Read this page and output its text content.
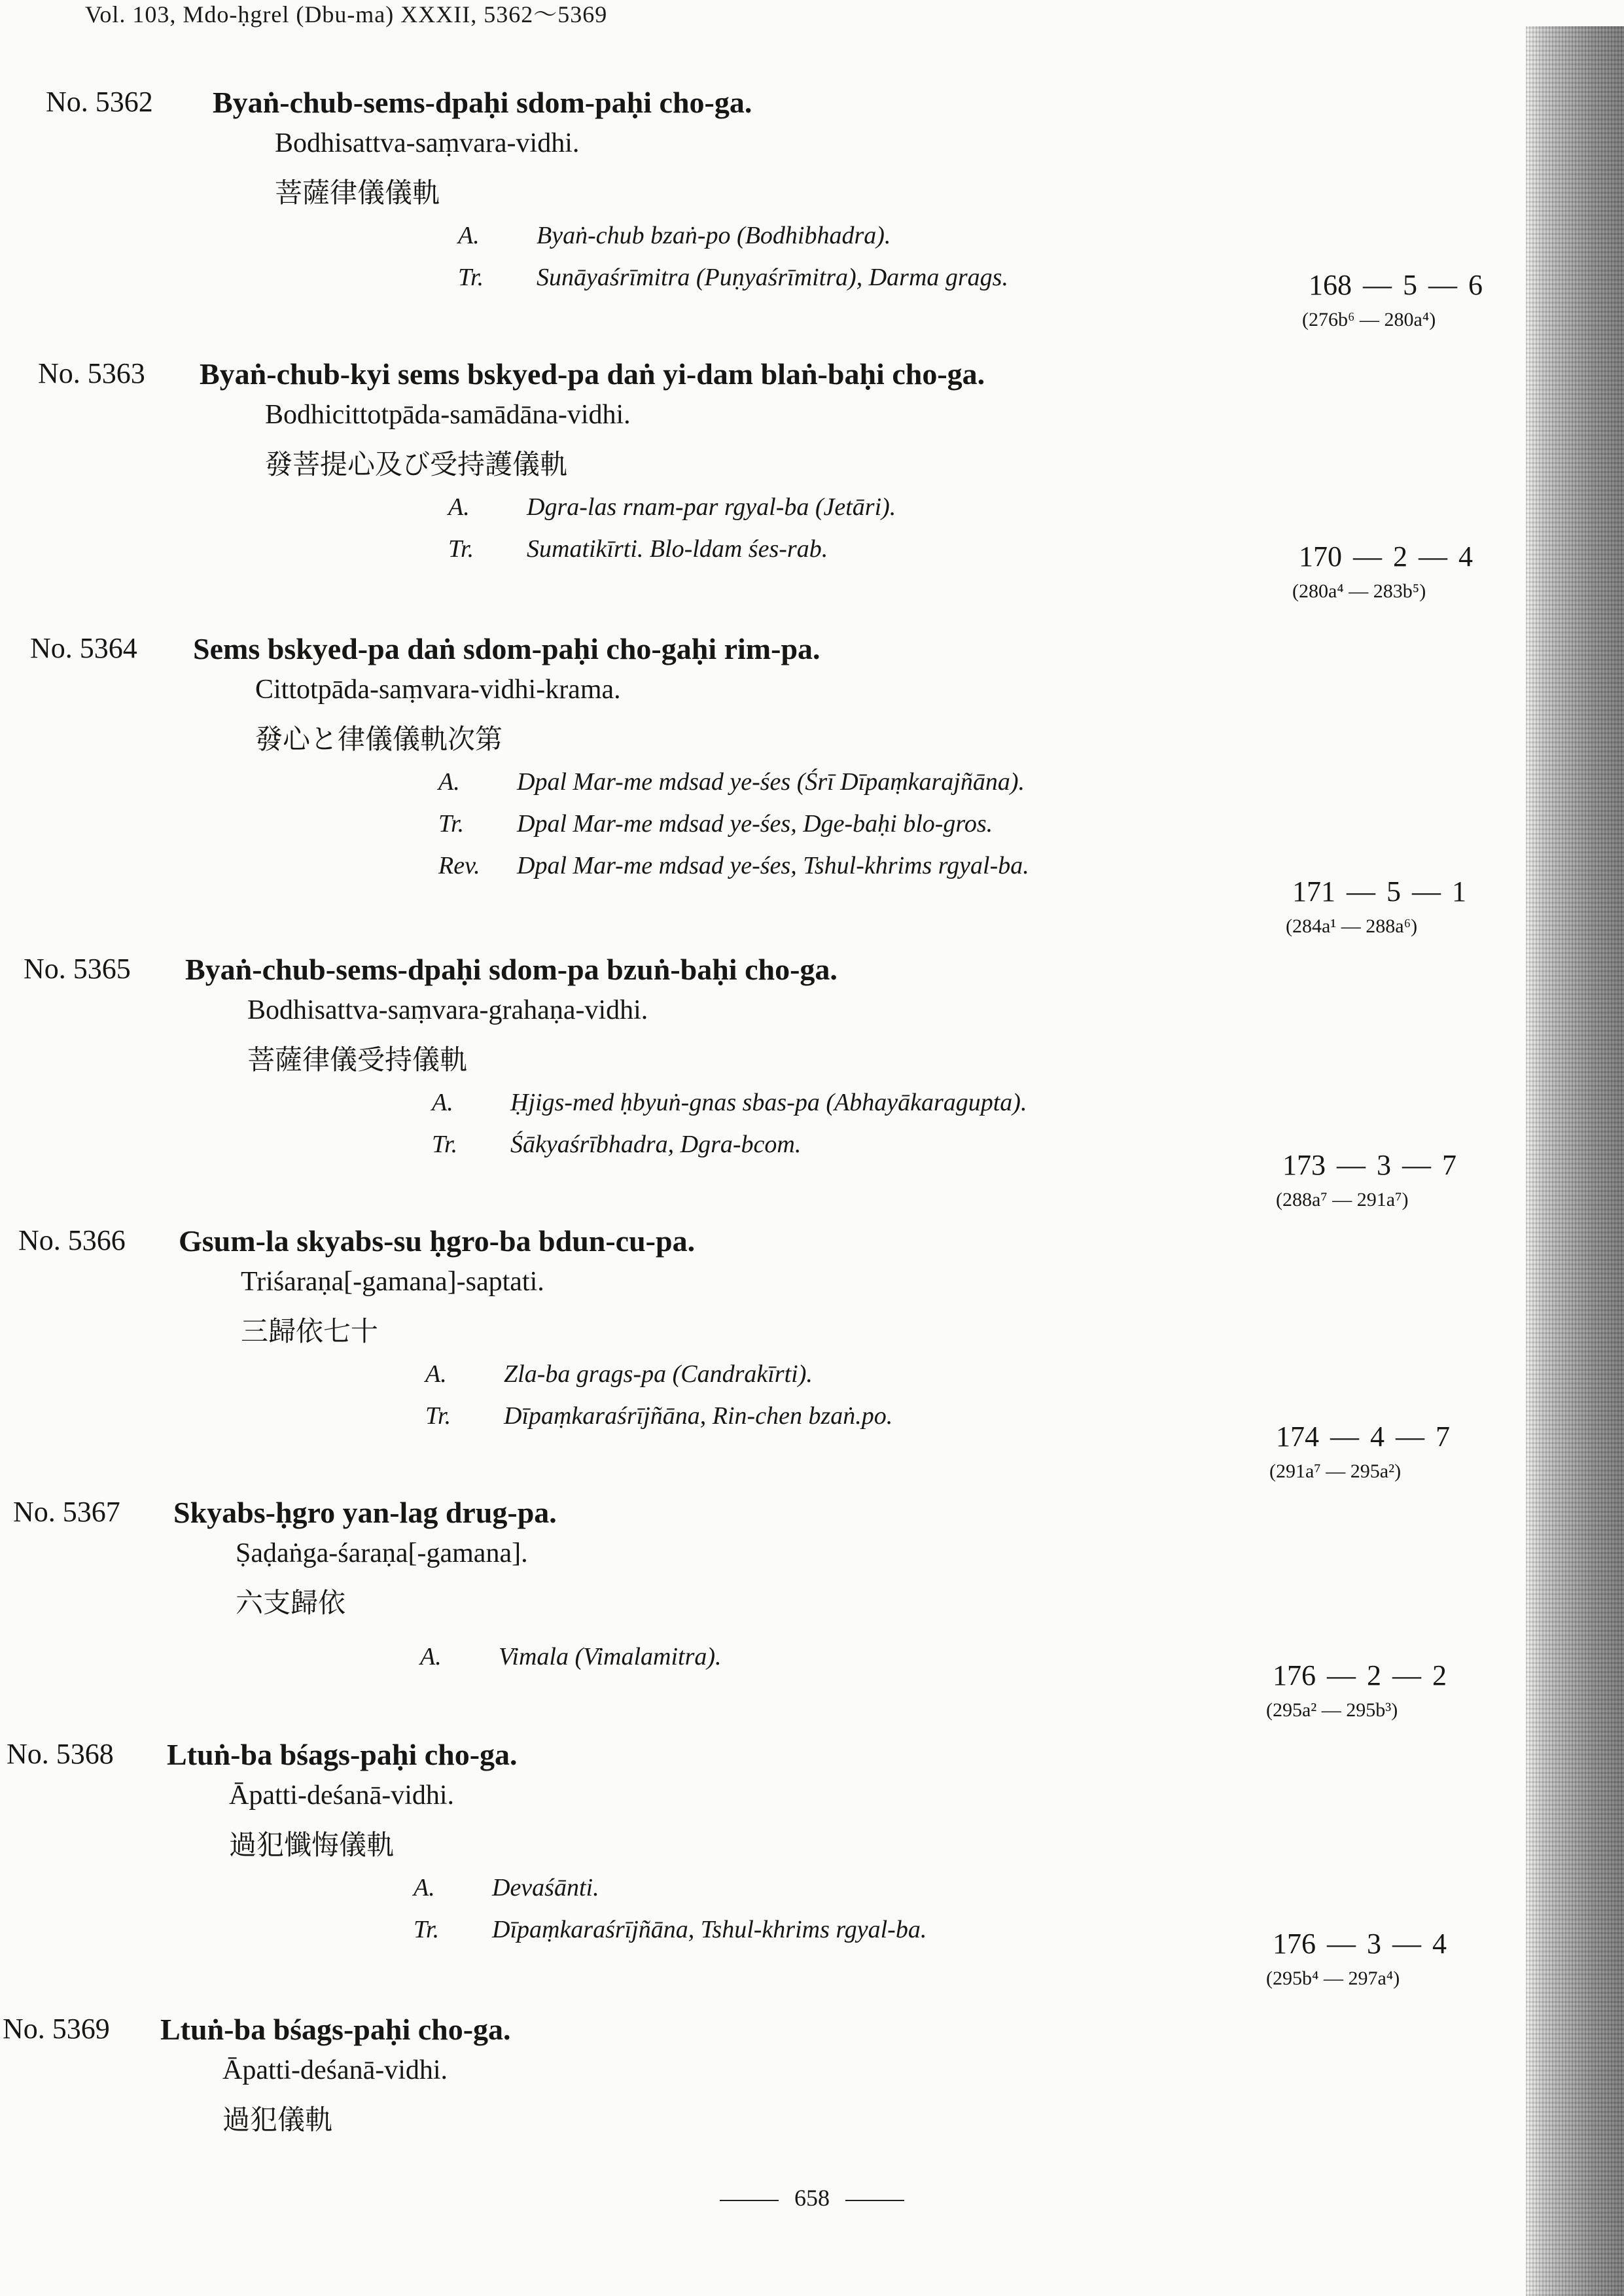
Vol. 103, Mdo-ḥgrel (Dbu-ma) XXXII, 5362〜5369
No. 5362 Byaṅ-chub-sems-dpaḥi sdom-paḥi cho-ga.
Bodhisattva-saṃvara-vidhi.
菩薩律儀儀軌
A. Byaṅ-chub bzaṅ-po (Bodhibhadra).
Tr. Sunāyaśrīmitra (Puṇyaśrīmitra), Darma grags.	168 — 5 — 6
(276b⁶ — 280a⁴)
No. 5363 Byaṅ-chub-kyi sems bskyed-pa daṅ yi-dam blaṅ-baḥi cho-ga.
Bodhicittotpāda-samādāna-vidhi.
發菩提心及び受持護儀軌
A. Dgra-las rnam-par rgyal-ba (Jetāri).
Tr. Sumatikīrti. Blo-ldam śes-rab.	170 — 2 — 4
(280a⁴ — 283b⁵)
No. 5364 Sems bskyed-pa daṅ sdom-paḥi cho-gaḥi rim-pa.
Cittotpāda-saṃvara-vidhi-krama.
發心と律儀儀軌次第
A. Dpal Mar-me mdsad ye-śes (Śrī Dīpaṃkarajñāna).
Tr. Dpal Mar-me mdsad ye-śes, Dge-baḥi blo-gros.
Rev. Dpal Mar-me mdsad ye-śes, Tshul-khrims rgyal-ba.
171 — 5 — 1
(284a¹ — 288a⁶)
No. 5365 Byaṅ-chub-sems-dpaḥi sdom-pa bzuṅ-baḥi cho-ga.
Bodhisattva-saṃvara-grahaṇa-vidhi.
菩薩律儀受持儀軌
A. Ḥjigs-med ḥbyuṅ-gnas sbas-pa (Abhayākaragupta).
Tr. Śākyaśrībhadra, Dgra-bcom.
173 — 3 — 7
(288a⁷ — 291a⁷)
No. 5366 Gsum-la skyabs-su ḥgro-ba bdun-cu-pa.
Triśaraṇa[-gamana]-saptati.
三歸依七十
A. Zla-ba grags-pa (Candrakīrti).
Tr. Dīpaṃkaraśrījñāna, Rin-chen bzaṅ.po.
174 — 4 — 7
(291a⁷ — 295a²)
No. 5367 Skyabs-ḥgro yan-lag drug-pa.
Ṣaḍaṅga-śaraṇa[-gamana].
六支歸依
A. Vimala (Vimalamitra).
176 — 2 — 2
(295a² — 295b³)
No. 5368 Ltuṅ-ba bśags-paḥi cho-ga.
Āpatti-deśanā-vidhi.
過犯懺悔儀軌
A. Devaśānti.
Tr. Dīpaṃkaraśrījñāna, Tshul-khrims rgyal-ba.	176 — 3 — 4
(295b⁴ — 297a⁴)
No. 5369 Ltuṅ-ba bśags-paḥi cho-ga.
Āpatti-deśanā-vidhi.
過犯儀軌
658
